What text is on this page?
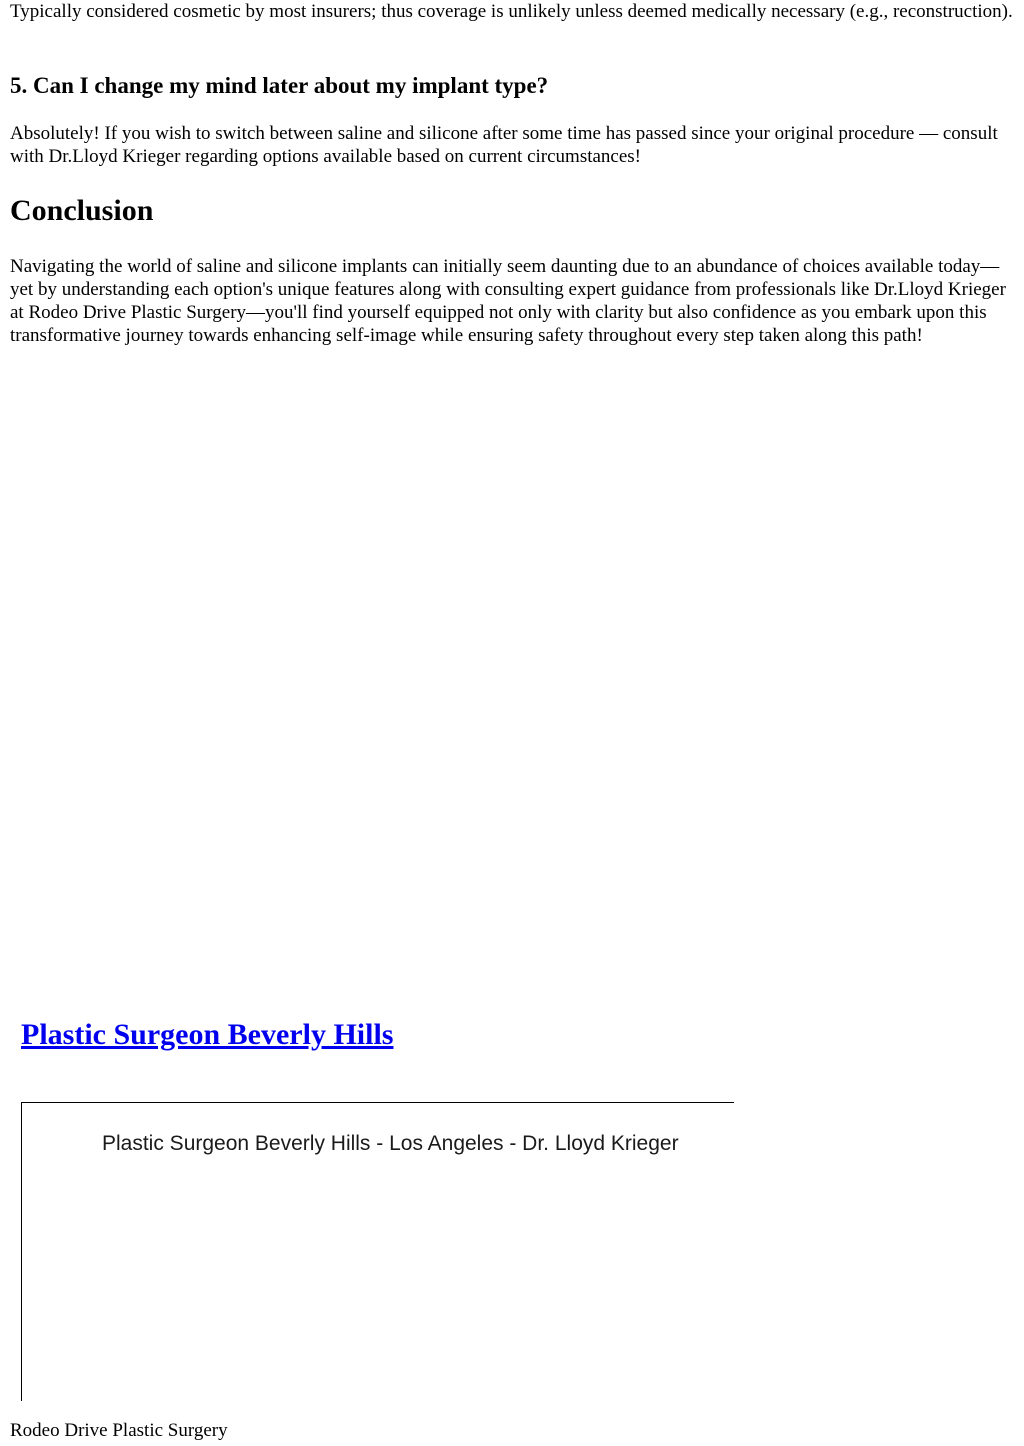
Typically considered cosmetic by most insurers; thus coverage is unlikely unless deemed medically necessary (e.g., reconstruction).

5. Can I change my mind later about my implant type?

Absolutely! If you wish to switch between saline and silicone after some time has passed since your original procedure — consult with Dr.Lloyd Krieger regarding options available based on current circumstances!

Conclusion

Navigating the world of saline and silicone implants can initially seem daunting due to an abundance of choices available today—yet by understanding each option's unique features along with consulting expert guidance from professionals like Dr.Lloyd Krieger at Rodeo Drive Plastic Surgery—you'll find yourself equipped not only with clarity but also confidence as you embark upon this transformative journey towards enhancing self-image while ensuring safety throughout every step taken along this path!

Plastic Surgeon Beverly Hills
Plastic Surgeon Beverly Hills - Los Angeles - Dr. Lloyd Krieger
Rodeo Drive Plastic Surgery
